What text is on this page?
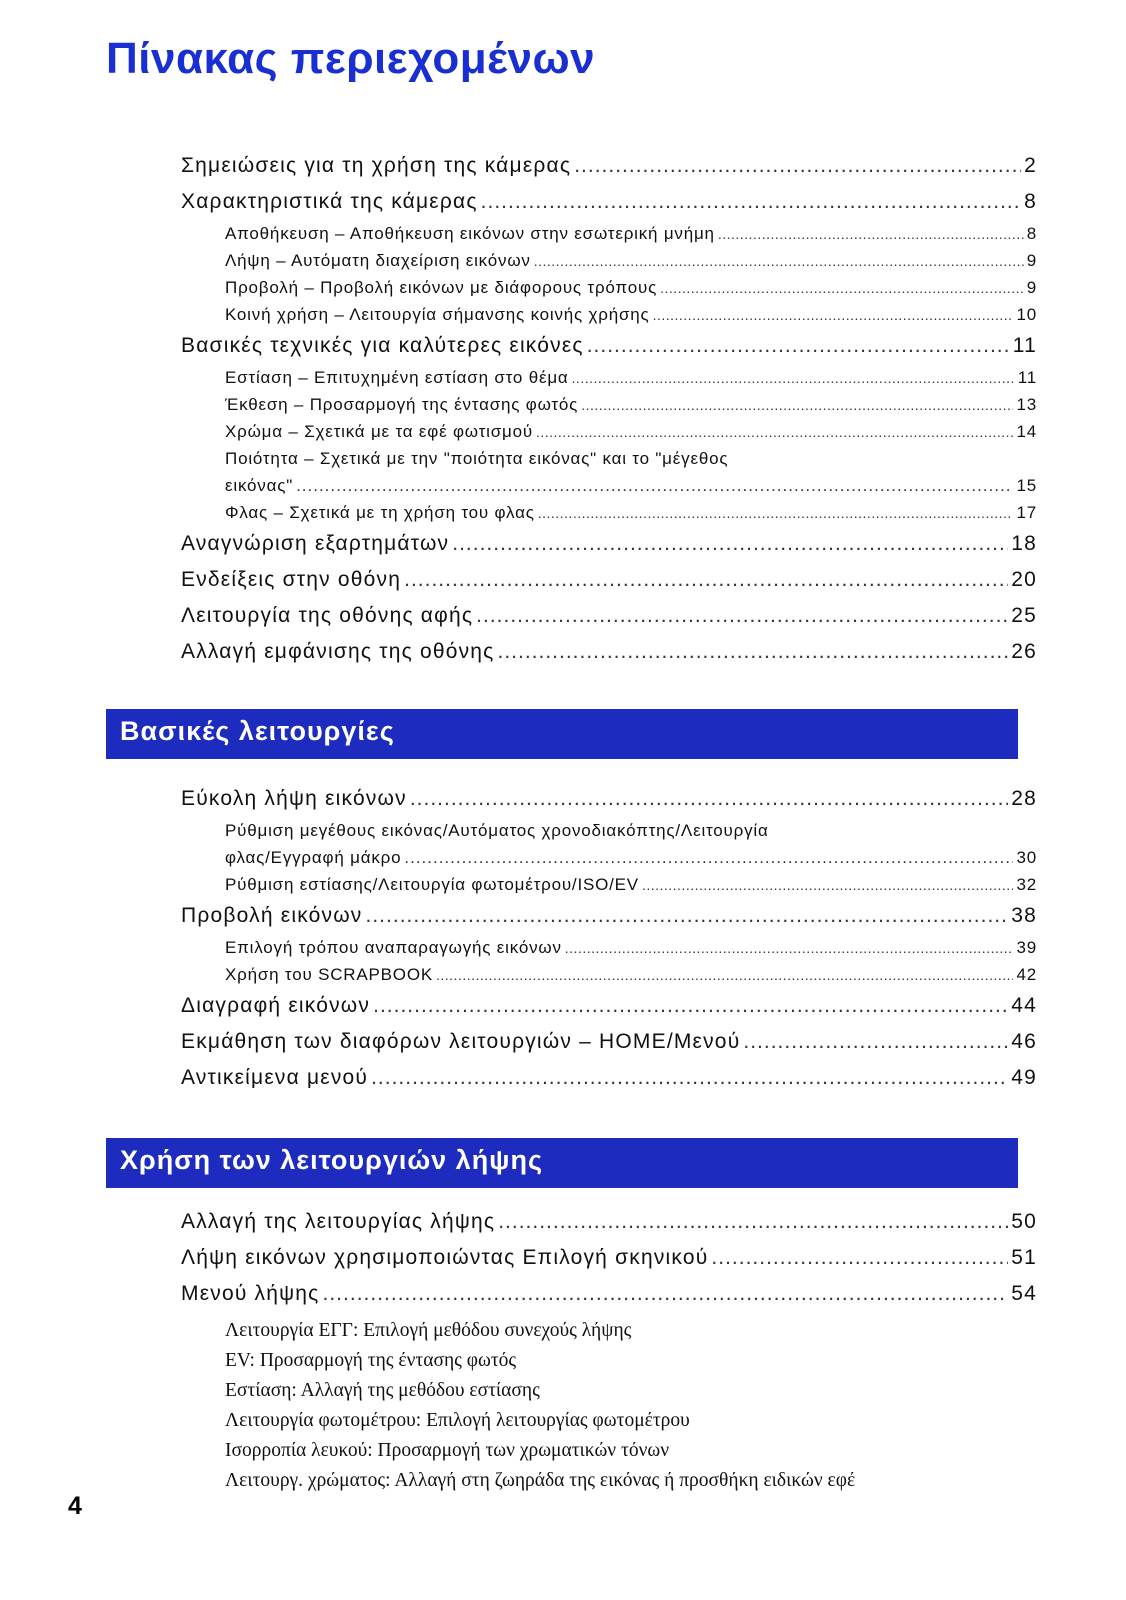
Πίνακας περιεχομένων
Σημειώσεις για τη χρήση της κάμερας .....	2
Χαρακτηριστικά της κάμερας .....	8
Αποθήκευση – Αποθήκευση εικόνων στην εσωτερική μνήμη .....	8
Λήψη – Αυτόματη διαχείριση εικόνων .....	9
Προβολή – Προβολή εικόνων με διάφορους τρόπους .....	9
Κοινή χρήση – Λειτουργία σήμανσης κοινής χρήσης .....	10
Βασικές τεχνικές για καλύτερες εικόνες .....	11
Εστίαση – Επιτυχημένη εστίαση στο θέμα .....	11
Έκθεση – Προσαρμογή της έντασης φωτός .....	13
Χρώμα – Σχετικά με τα εφέ φωτισμού .....	14
Ποιότητα – Σχετικά με την "ποιότητα εικόνας" και το "μέγεθος
εικόνας" .....	15
Φλας – Σχετικά με τη χρήση του φλας .....	17
Αναγνώριση εξαρτημάτων .....	18
Ενδείξεις στην οθόνη .....	20
Λειτουργία της οθόνης αφής .....	25
Αλλαγή εμφάνισης της οθόνης .....	26
Βασικές λειτουργίες
Εύκολη λήψη εικόνων .....	28
Ρύθμιση μεγέθους εικόνας/Αυτόματος χρονοδιακόπτης/Λειτουργία
φλας/Εγγραφή μάκρο .....	30
Ρύθμιση εστίασης/Λειτουργία φωτομέτρου/ISO/EV .....	32
Προβολή εικόνων .....	38
Επιλογή τρόπου αναπαραγωγής εικόνων .....	39
Χρήση του SCRAPBOOK .....	42
Διαγραφή εικόνων .....	44
Εκμάθηση των διαφόρων λειτουργιών – HOME/Μενού .....	46
Αντικείμενα μενού .....	49
Χρήση των λειτουργιών λήψης
Αλλαγή της λειτουργίας λήψης .....	50
Λήψη εικόνων χρησιμοποιώντας Επιλογή σκηνικού .....	51
Μενού λήψης .....	54
Λειτουργία ΕΓΓ: Επιλογή μεθόδου συνεχούς λήψης
EV: Προσαρμογή της έντασης φωτός
Εστίαση: Αλλαγή της μεθόδου εστίασης
Λειτουργία φωτομέτρου: Επιλογή λειτουργίας φωτομέτρου
Ισορροπία λευκού: Προσαρμογή των χρωματικών τόνων
Λειτουργ. χρώματος: Αλλαγή στη ζωηράδα της εικόνας ή προσθήκη ειδικών εφέ
4
